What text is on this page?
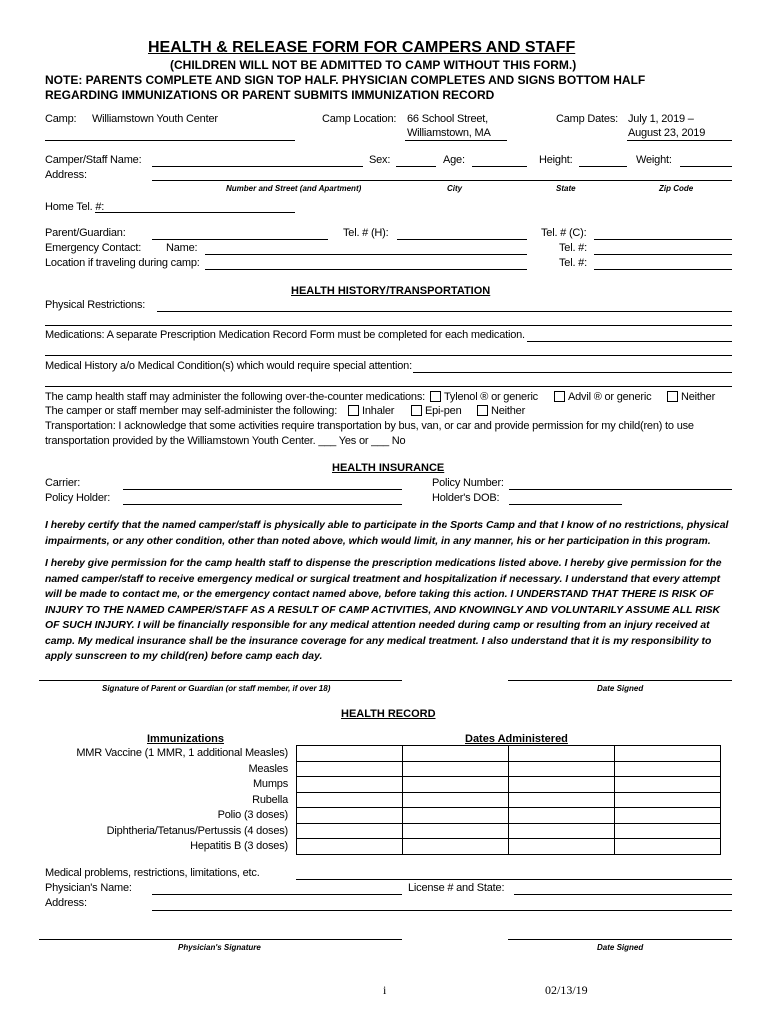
HEALTH & RELEASE FORM FOR CAMPERS AND STAFF
(CHILDREN WILL NOT BE ADMITTED TO CAMP WITHOUT THIS FORM.)
NOTE: PARENTS COMPLETE AND SIGN TOP HALF. PHYSICIAN COMPLETES AND SIGNS BOTTOM HALF
REGARDING IMMUNIZATIONS OR PARENT SUBMITS IMMUNIZATION RECORD
Camp: Williamstown Youth Center	Camp Location: 66 School Street,
Williamstown, MA
Camp Dates: July 1, 2019 –
August 23, 2019
Camper/Staff Name:	Sex:	Age:	Height:	Weight:
Address:
Number and Street (and Apartment)	City	State	Zip Code
Home Tel. #:
Parent/Guardian:	Tel. # (H):	Tel. # (C):
Emergency Contact: Name:	Tel. #:
Location if traveling during camp:	Tel. #:
HEALTH HISTORY/TRANSPORTATION
Physical Restrictions:
Medications: A separate Prescription Medication Record Form must be completed for each medication.
Medical History a/o Medical Condition(s) which would require special attention:
The camp health staff may administer the following over-the-counter medications:	Tylenol ® or generic	Advil ® or generic	Neither
The camper or staff member may self-administer the following:	Inhaler	Epi-pen	Neither
Transportation: I acknowledge that some activities require transportation by bus, van, or car and provide permission for my child(ren) to use
transportation provided by the Williamstown Youth Center. ___ Yes or ___ No
HEALTH INSURANCE
Carrier:	Policy Number:
Policy Holder:	Holder's DOB:
I hereby certify that the named camper/staff is physically able to participate in the Sports Camp and that I know of no restrictions, physical impairments, or any other condition, other than noted above, which would limit, in any manner, his or her participation in this program.
I hereby give permission for the camp health staff to dispense the prescription medications listed above. I hereby give permission for the named camper/staff to receive emergency medical or surgical treatment and hospitalization if necessary. I understand that every attempt will be made to contact me, or the emergency contact named above, before taking this action. I UNDERSTAND THAT THERE IS RISK OF INJURY TO THE NAMED CAMPER/STAFF AS A RESULT OF CAMP ACTIVITIES, AND KNOWINGLY AND VOLUNTARILY ASSUME ALL RISK OF SUCH INJURY. I will be financially responsible for any medical attention needed during camp or resulting from an injury received at camp. My medical insurance shall be the insurance coverage for any medical treatment. I also understand that it is my responsibility to apply sunscreen to my child(ren) before camp each day.
Signature of Parent or Guardian (or staff member, if over 18)	Date Signed
HEALTH RECORD
Immunizations	Dates Administered
MMR Vaccine (1 MMR, 1 additional Measles)
Measles
Mumps
Rubella
Polio (3 doses)
Diphtheria/Tetanus/Pertussis (4 doses)
Hepatitis B (3 doses)

Medical problems, restrictions, limitations, etc.
Physician's Name:	License # and State:
Address:
Physician's Signature	Date Signed
i	02/13/19
